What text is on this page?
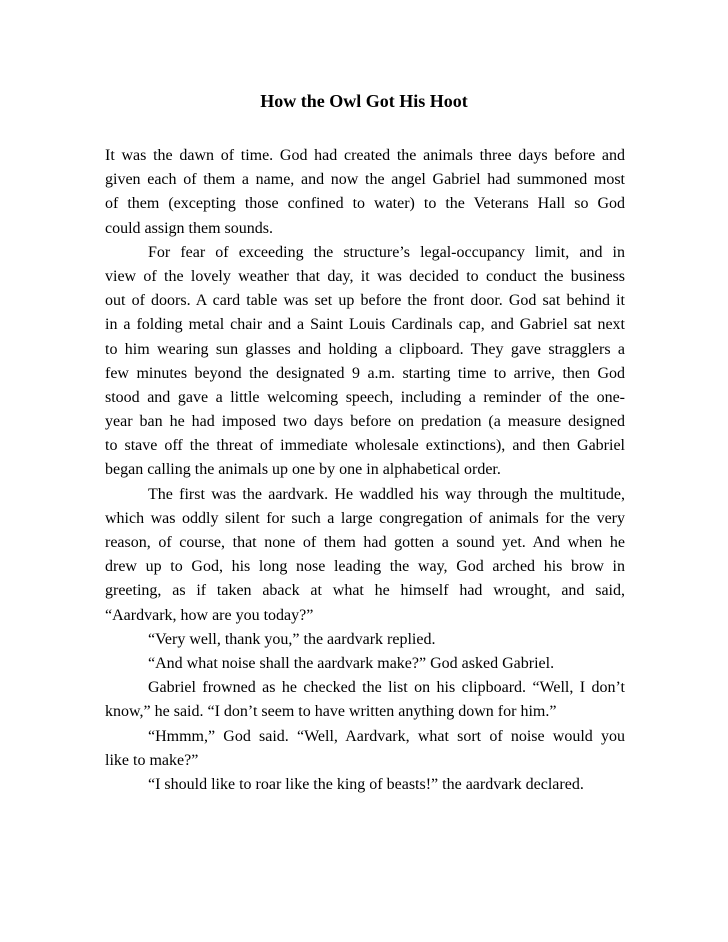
How the Owl Got His Hoot
It was the dawn of time. God had created the animals three days before and
given each of them a name, and now the angel Gabriel had summoned most
of them (excepting those confined to water) to the Veterans Hall so God
could assign them sounds.
For fear of exceeding the structure’s legal-occupancy limit, and in
view of the lovely weather that day, it was decided to conduct the business
out of doors. A card table was set up before the front door. God sat behind it
in a folding metal chair and a Saint Louis Cardinals cap, and Gabriel sat next
to him wearing sun glasses and holding a clipboard. They gave stragglers a
few minutes beyond the designated 9 a.m. starting time to arrive, then God
stood and gave a little welcoming speech, including a reminder of the one-
year ban he had imposed two days before on predation (a measure designed
to stave off the threat of immediate wholesale extinctions), and then Gabriel
began calling the animals up one by one in alphabetical order.
The first was the aardvark. He waddled his way through the multitude,
which was oddly silent for such a large congregation of animals for the very
reason, of course, that none of them had gotten a sound yet. And when he
drew up to God, his long nose leading the way, God arched his brow in
greeting, as if taken aback at what he himself had wrought, and said,
“Aardvark, how are you today?”
“Very well, thank you,” the aardvark replied.
“And what noise shall the aardvark make?” God asked Gabriel.
Gabriel frowned as he checked the list on his clipboard. “Well, I don’t
know,” he said. “I don’t seem to have written anything down for him.”
“Hmmm,” God said. “Well, Aardvark, what sort of noise would you
like to make?”
“I should like to roar like the king of beasts!” the aardvark declared.
